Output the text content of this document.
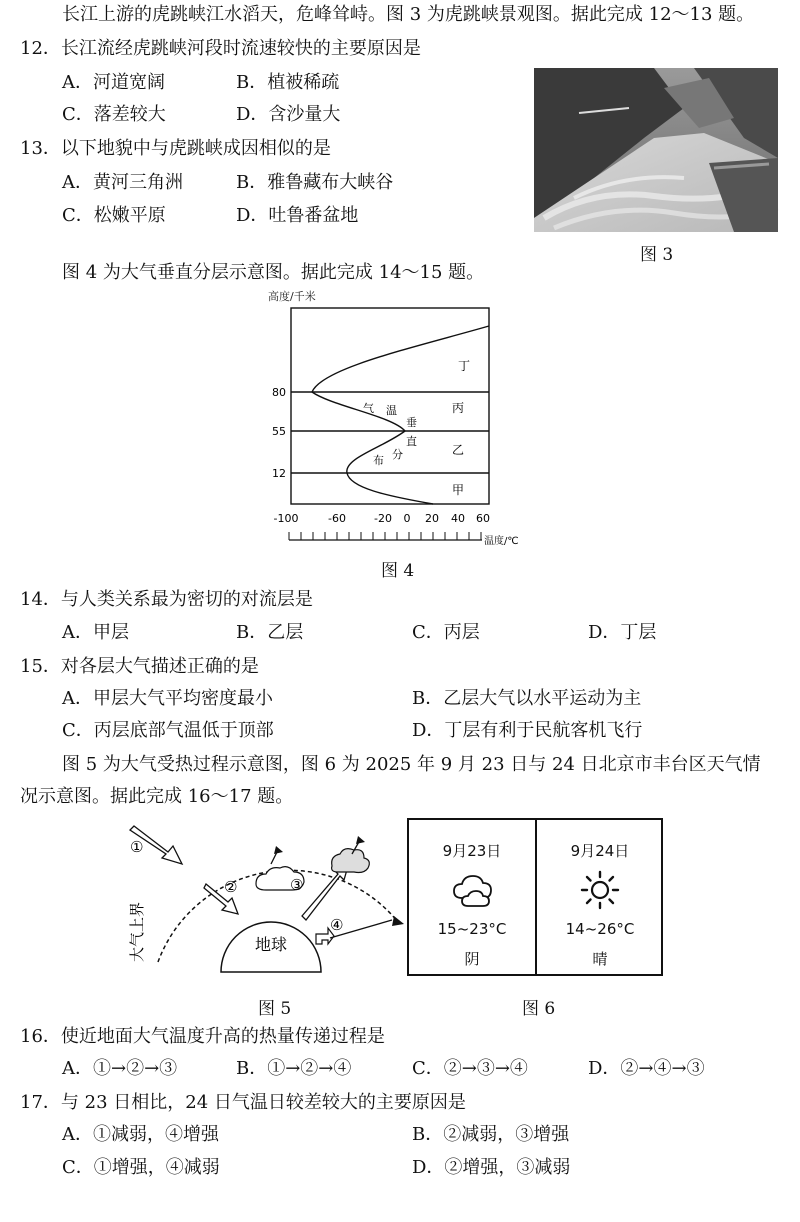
长江上游的虎跳峡江水滔天，危峰耸峙。图 3 为虎跳峡景观图。据此完成 12～13 题。
12．长江流经虎跳峡河段时流速较快的主要原因是
A．河道宽阔	B．植被稀疏
C．落差较大	D．含沙量大
13．以下地貌中与虎跳峡成因相似的是
A．黄河三角洲	B．雅鲁藏布大峡谷
C．松嫩平原	D．吐鲁番盆地
图 3
图 4 为大气垂直分层示意图。据此完成 14～15 题。
高度/千米
80
55
12
丁
丙
乙
甲
气 温
垂
直
分
布
-100	-60	-20 0 20 40 60
温度/℃
图 4
14．与人类关系最为密切的对流层是
A．甲层	B．乙层	C．丙层	D．丁层
15．对各层大气描述正确的是
A．甲层大气平均密度最小	B．乙层大气以水平运动为主
C．丙层底部气温低于顶部	D．丁层有利于民航客机飞行
图 5 为大气受热过程示意图，图 6 为 2025 年 9 月 23 日与 24 日北京市丰台区天气情
况示意图。据此完成 16～17 题。
大气上界	地球
①
②	③
④
图 5
9月23日
15~23°C
阴
9月24日
14~26°C
晴
图 6
16．使近地面大气温度升高的热量传递过程是
A．①→②→③	B．①→②→④	C．②→③→④	D．②→④→③
17．与 23 日相比，24 日气温日较差较大的主要原因是
A．①减弱，④增强	B．②减弱，③增强
C．①增强，④减弱	D．②增强，③减弱
